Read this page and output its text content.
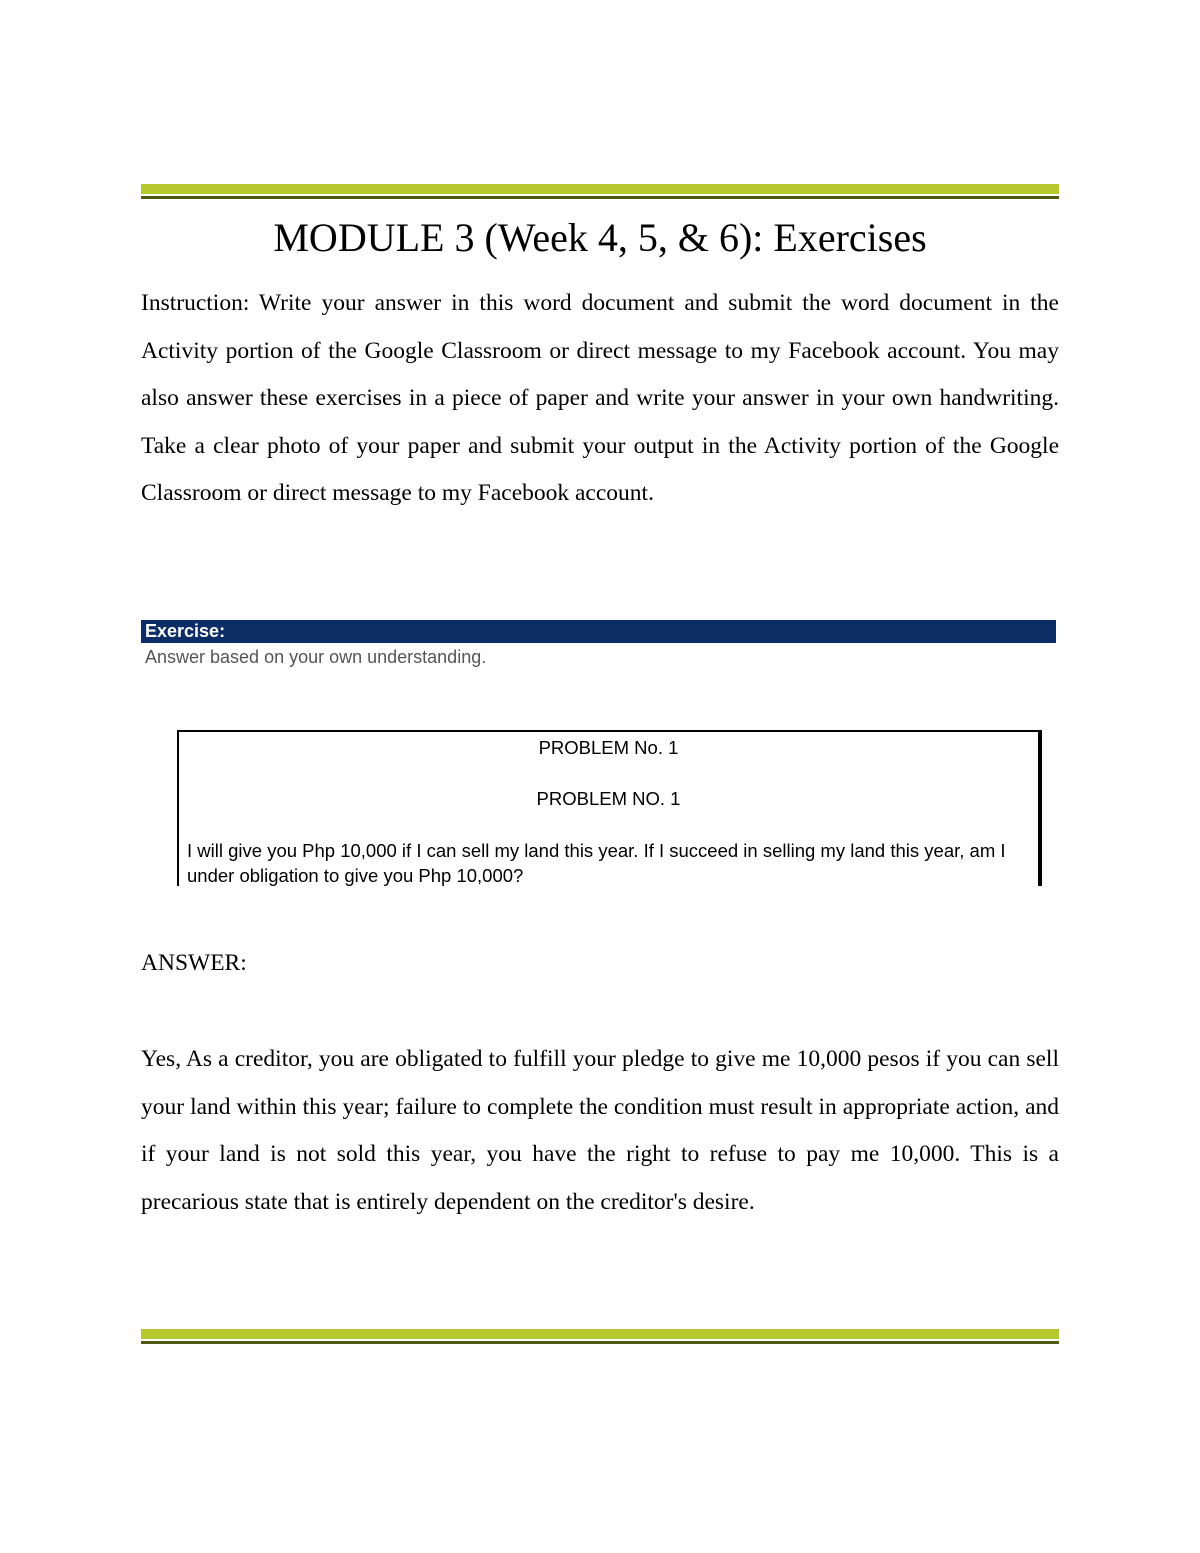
MODULE 3 (Week 4, 5, & 6): Exercises

Instruction: Write your answer in this word document and submit the word document in the Activity portion of the Google Classroom or direct message to my Facebook account. You may also answer these exercises in a piece of paper and write your answer in your own handwriting. Take a clear photo of your paper and submit your output in the Activity portion of the Google Classroom or direct message to my Facebook account.

Exercise:
Answer based on your own understanding.
PROBLEM No. 1
PROBLEM NO. 1
I will give you Php 10,000 if I can sell my land this year. If I succeed in selling my land this year, am I under obligation to give you Php 10,000?

ANSWER:

Yes, As a creditor, you are obligated to fulfill your pledge to give me 10,000 pesos if you can sell your land within this year; failure to complete the condition must result in appropriate action, and if your land is not sold this year, you have the right to refuse to pay me 10,000. This is a precarious state that is entirely dependent on the creditor's desire.
